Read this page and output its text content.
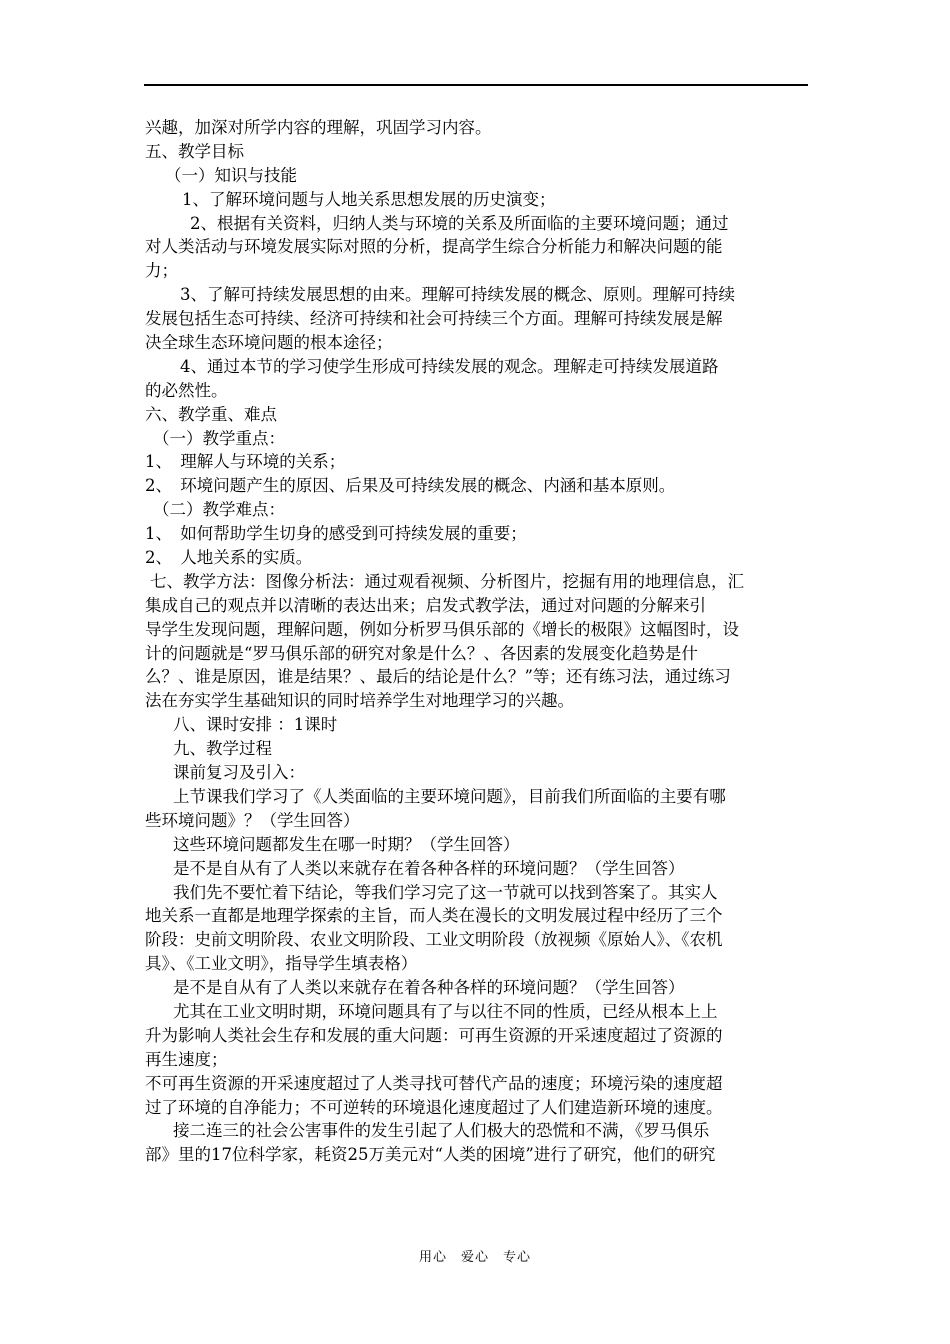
兴趣，加深对所学内容的理解，巩固学习内容。
五、教学目标
（一）知识与技能
1、了解环境问题与人地关系思想发展的历史演变；
2、根据有关资料，归纳人类与环境的关系及所面临的主要环境问题；通过
对人类活动与环境发展实际对照的分析，提高学生综合分析能力和解决问题的能
力；
3、了解可持续发展思想的由来。理解可持续发展的概念、原则。理解可持续
发展包括生态可持续、经济可持续和社会可持续三个方面。理解可持续发展是解
决全球生态环境问题的根本途径；
4、通过本节的学习使学生形成可持续发展的观念。理解走可持续发展道路
的必然性。
六、教学重、难点
（一）教学重点：
1、　理解人与环境的关系；
2、　环境问题产生的原因、后果及可持续发展的概念、内涵和基本原则。
（二）教学难点：
1、　如何帮助学生切身的感受到可持续发展的重要；
2、　人地关系的实质。
七、教学方法：图像分析法：通过观看视频、分析图片，挖掘有用的地理信息，汇
集成自己的观点并以清晰的表达出来；启发式教学法，通过对问题的分解来引
导学生发现问题，理解问题，例如分析罗马俱乐部的《增长的极限》这幅图时，设
计的问题就是“罗马俱乐部的研究对象是什么？、各因素的发展变化趋势是什
么？、谁是原因，谁是结果？、最后的结论是什么？”等；还有练习法，通过练习
法在夯实学生基础知识的同时培养学生对地理学习的兴趣。
八、课时安排 ：1课时
九、教学过程
课前复习及引入：
上节课我们学习了《人类面临的主要环境问题》，目前我们所面临的主要有哪
些环境问题》？（学生回答）
这些环境问题都发生在哪一时期？（学生回答）
是不是自从有了人类以来就存在着各种各样的环境问题？（学生回答）
我们先不要忙着下结论，等我们学习完了这一节就可以找到答案了。其实人
地关系一直都是地理学探索的主旨，而人类在漫长的文明发展过程中经历了三个
阶段：史前文明阶段、农业文明阶段、工业文明阶段（放视频《原始人》、《农机
具》、《工业文明》，指导学生填表格）
是不是自从有了人类以来就存在着各种各样的环境问题？（学生回答）
尤其在工业文明时期，环境问题具有了与以往不同的性质，已经从根本上上
升为影响人类社会生存和发展的重大问题：可再生资源的开采速度超过了资源的
再生速度；
不可再生资源的开采速度超过了人类寻找可替代产品的速度；环境污染的速度超
过了环境的自净能力；不可逆转的环境退化速度超过了人们建造新环境的速度。
接二连三的社会公害事件的发生引起了人们极大的恐慌和不满，《罗马俱乐
部》里的17位科学家，耗资25万美元对“人类的困境”进行了研究，他们的研究
用心　爱心　专心
